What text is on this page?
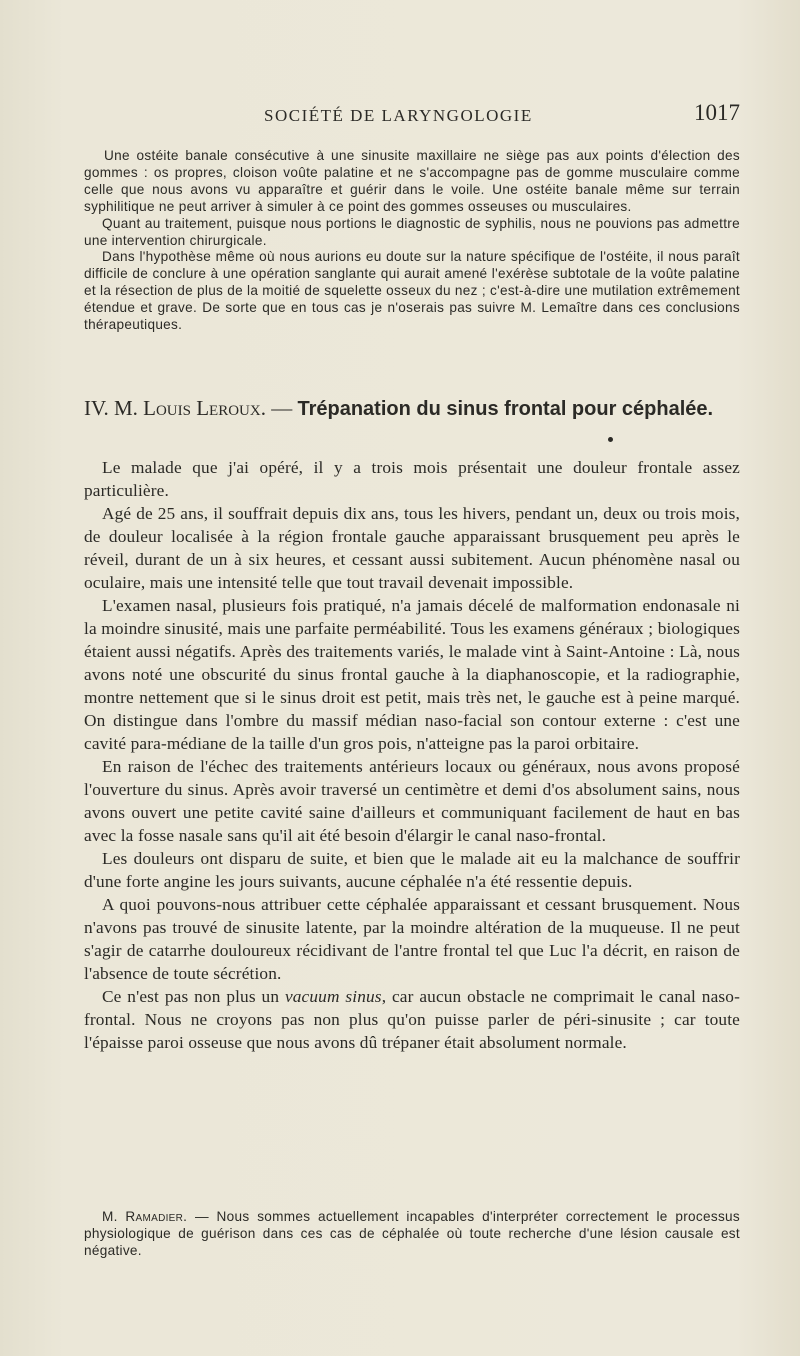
SOCIÉTÉ DE LARYNGOLOGIE	1017

Une ostéite banale consécutive à une sinusite maxillaire ne siège pas aux points d'élection des gommes : os propres, cloison voûte palatine et ne s'accompagne pas de gomme musculaire comme celle que nous avons vu apparaître et guérir dans le voile. Une ostéite banale même sur terrain syphilitique ne peut arriver à simuler à ce point des gommes osseuses ou musculaires.

Quant au traitement, puisque nous portions le diagnostic de syphilis, nous ne pouvions pas admettre une intervention chirurgicale.

Dans l'hypothèse même où nous aurions eu doute sur la nature spécifique de l'ostéite, il nous paraît difficile de conclure à une opération sanglante qui aurait amené l'exérèse subtotale de la voûte palatine et la résection de plus de la moitié de squelette osseux du nez ; c'est-à-dire une mutilation extrêmement étendue et grave. De sorte que en tous cas je n'oserais pas suivre M. Lemaître dans ces conclusions thérapeutiques.

IV. M. Louis Leroux. — Trépanation du sinus frontal pour céphalée.

Le malade que j'ai opéré, il y a trois mois présentait une douleur frontale assez particulière.

Agé de 25 ans, il souffrait depuis dix ans, tous les hivers, pendant un, deux ou trois mois, de douleur localisée à la région frontale gauche apparaissant brusquement peu après le réveil, durant de un à six heures, et cessant aussi subitement. Aucun phénomène nasal ou oculaire, mais une intensité telle que tout travail devenait impossible.

L'examen nasal, plusieurs fois pratiqué, n'a jamais décelé de malformation endonasale ni la moindre sinusité, mais une parfaite perméabilité. Tous les examens généraux ; biologiques étaient aussi négatifs. Après des traitements variés, le malade vint à Saint-Antoine : Là, nous avons noté une obscurité du sinus frontal gauche à la diaphanoscopie, et la radiographie, montre nettement que si le sinus droit est petit, mais très net, le gauche est à peine marqué. On distingue dans l'ombre du massif médian naso-facial son contour externe : c'est une cavité para-médiane de la taille d'un gros pois, n'atteigne pas la paroi orbitaire.

En raison de l'échec des traitements antérieurs locaux ou généraux, nous avons proposé l'ouverture du sinus. Après avoir traversé un centimètre et demi d'os absolument sains, nous avons ouvert une petite cavité saine d'ailleurs et communiquant facilement de haut en bas avec la fosse nasale sans qu'il ait été besoin d'élargir le canal naso-frontal.

Les douleurs ont disparu de suite, et bien que le malade ait eu la malchance de souffrir d'une forte angine les jours suivants, aucune céphalée n'a été ressentie depuis.

A quoi pouvons-nous attribuer cette céphalée apparaissant et cessant brusquement. Nous n'avons pas trouvé de sinusite latente, par la moindre altération de la muqueuse. Il ne peut s'agir de catarrhe douloureux récidivant de l'antre frontal tel que Luc l'a décrit, en raison de l'absence de toute sécrétion.

Ce n'est pas non plus un vacuum sinus, car aucun obstacle ne comprimait le canal naso-frontal. Nous ne croyons pas non plus qu'on puisse parler de péri-sinusite ; car toute l'épaisse paroi osseuse que nous avons dû trépaner était absolument normale.

M. Ramadier. — Nous sommes actuellement incapables d'interpréter correctement le processus physiologique de guérison dans ces cas de céphalée où toute recherche d'une lésion causale est négative.
